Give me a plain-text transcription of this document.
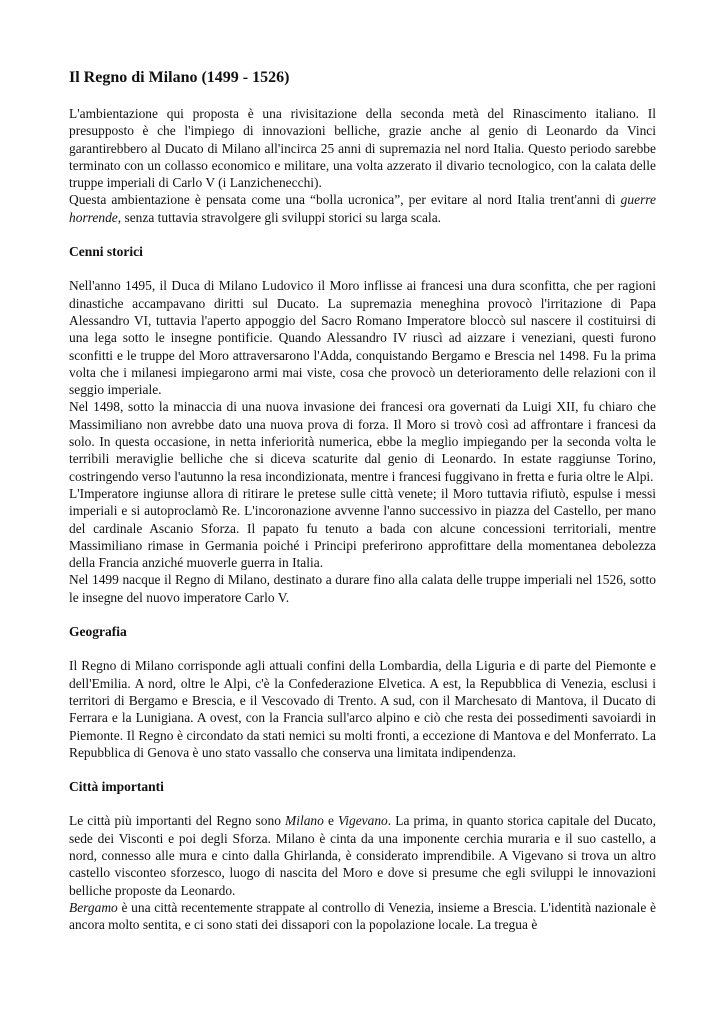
Il Regno di Milano (1499 - 1526)

L'ambientazione qui proposta è una rivisitazione della seconda metà del Rinascimento italiano. Il presupposto è che l'impiego di innovazioni belliche, grazie anche al genio di Leonardo da Vinci garantirebbero al Ducato di Milano all'incirca 25 anni di supremazia nel nord Italia. Questo periodo sarebbe terminato con un collasso economico e militare, una volta azzerato il divario tecnologico, con la calata delle truppe imperiali di Carlo V (i Lanzichenecchi).

Questa ambientazione è pensata come una “bolla ucronica”, per evitare al nord Italia trent'anni di guerre horrende, senza tuttavia stravolgere gli sviluppi storici su larga scala.

Cenni storici

Nell'anno 1495, il Duca di Milano Ludovico il Moro inflisse ai francesi una dura sconfitta, che per ragioni dinastiche accampavano diritti sul Ducato. La supremazia meneghina provocò l'irritazione di Papa Alessandro VI, tuttavia l'aperto appoggio del Sacro Romano Imperatore bloccò sul nascere il costituirsi di una lega sotto le insegne pontificie. Quando Alessandro IV riuscì ad aizzare i veneziani, questi furono sconfitti e le truppe del Moro attraversarono l'Adda, conquistando Bergamo e Brescia nel 1498. Fu la prima volta che i milanesi impiegarono armi mai viste, cosa che provocò un deterioramento delle relazioni con il seggio imperiale.

Nel 1498, sotto la minaccia di una nuova invasione dei francesi ora governati da Luigi XII, fu chiaro che Massimiliano non avrebbe dato una nuova prova di forza. Il Moro si trovò così ad affrontare i francesi da solo. In questa occasione, in netta inferiorità numerica, ebbe la meglio impiegando per la seconda volta le terribili meraviglie belliche che si diceva scaturite dal genio di Leonardo. In estate raggiunse Torino, costringendo verso l'autunno la resa incondizionata, mentre i francesi fuggivano in fretta e furia oltre le Alpi.

L'Imperatore ingiunse allora di ritirare le pretese sulle città venete; il Moro tuttavia rifiutò, espulse i messi imperiali e si autoproclamò Re. L'incoronazione avvenne l'anno successivo in piazza del Castello, per mano del cardinale Ascanio Sforza. Il papato fu tenuto a bada con alcune concessioni territoriali, mentre Massimiliano rimase in Germania poiché i Principi preferirono approfittare della momentanea debolezza della Francia anziché muoverle guerra in Italia.

Nel 1499 nacque il Regno di Milano, destinato a durare fino alla calata delle truppe imperiali nel 1526, sotto le insegne del nuovo imperatore Carlo V.

Geografia

Il Regno di Milano corrisponde agli attuali confini della Lombardia, della Liguria e di parte del Piemonte e dell'Emilia. A nord, oltre le Alpi, c'è la Confederazione Elvetica. A est, la Repubblica di Venezia, esclusi i territori di Bergamo e Brescia, e il Vescovado di Trento. A sud, con il Marchesato di Mantova, il Ducato di Ferrara e la Lunigiana. A ovest, con la Francia sull'arco alpino e ciò che resta dei possedimenti savoiardi in Piemonte. Il Regno è circondato da stati nemici su molti fronti, a eccezione di Mantova e del Monferrato. La Repubblica di Genova è uno stato vassallo che conserva una limitata indipendenza.

Città importanti

Le città più importanti del Regno sono Milano e Vigevano. La prima, in quanto storica capitale del Ducato, sede dei Visconti e poi degli Sforza. Milano è cinta da una imponente cerchia muraria e il suo castello, a nord, connesso alle mura e cinto dalla Ghirlanda, è considerato imprendibile. A Vigevano si trova un altro castello visconteo sforzesco, luogo di nascita del Moro e dove si presume che egli sviluppi le innovazioni belliche proposte da Leonardo.

Bergamo è una città recentemente strappate al controllo di Venezia, insieme a Brescia. L'identità nazionale è ancora molto sentita, e ci sono stati dei dissapori con la popolazione locale. La tregua è
